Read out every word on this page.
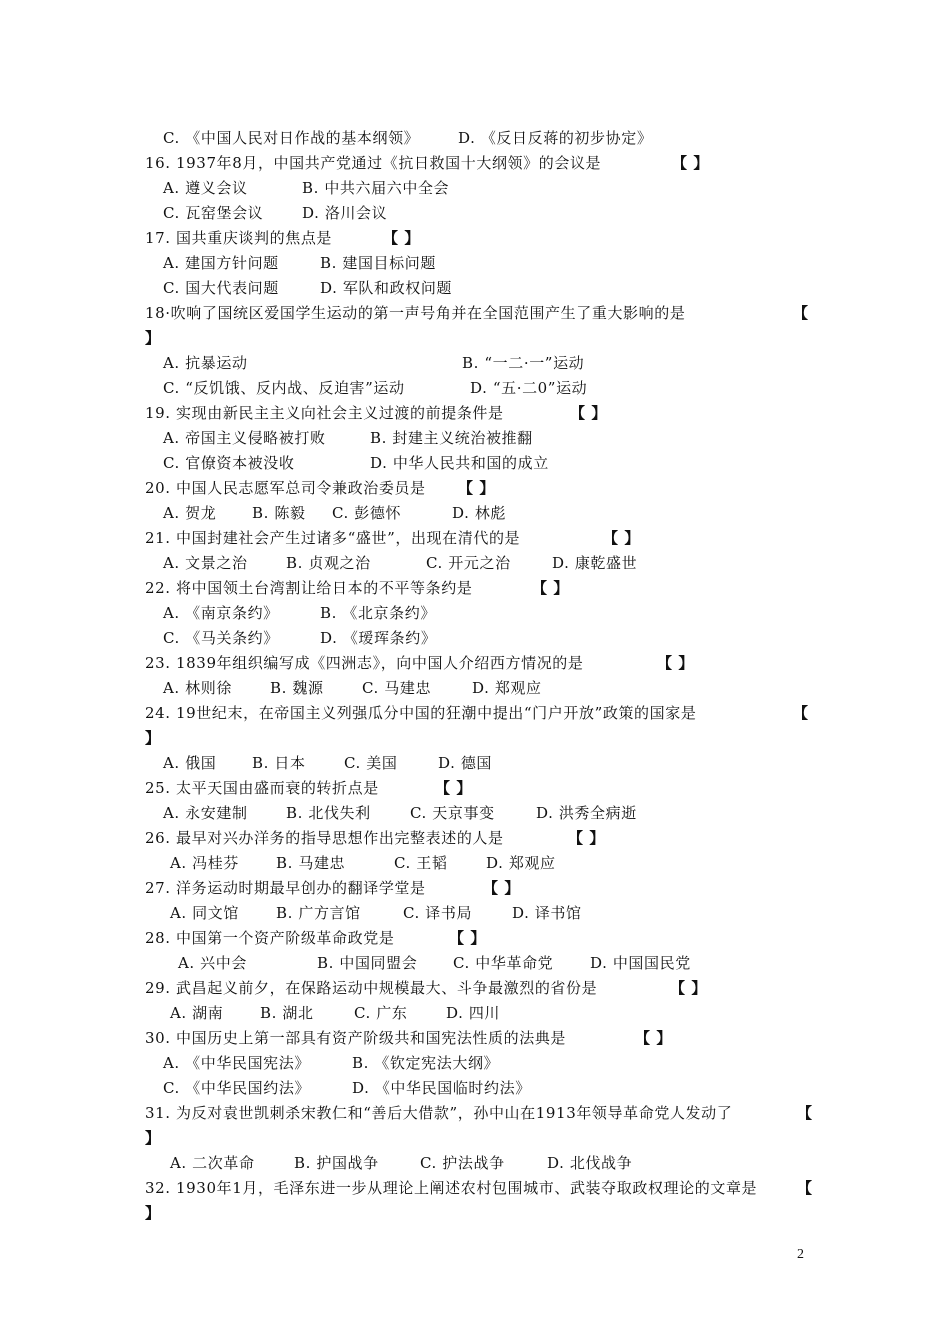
C. 《中国人民对日作战的基本纲领》	D. 《反日反蒋的初步协定》
16. 1937年8月，中国共产党通过《抗日救国十大纲领》的会议是	【 】
A. 遵义会议	B. 中共六届六中全会
C. 瓦窑堡会议	D. 洛川会议
17. 国共重庆谈判的焦点是	【 】
A. 建国方针问题	B. 建国目标问题
C. 国大代表问题	D. 军队和政权问题
18·吹响了国统区爱国学生运动的第一声号角并在全国范围产生了重大影响的是	【
】
A. 抗暴运动	B. “一二·一”运动
C. “反饥饿、反内战、反迫害”运动	D. “五·二0”运动
19. 实现由新民主主义向社会主义过渡的前提条件是	【 】
A. 帝国主义侵略被打败	B. 封建主义统治被推翻
C. 官僚资本被没收	D. 中华人民共和国的成立
20. 中国人民志愿军总司令兼政治委员是 【 】
A. 贺龙 B. 陈毅 C. 彭德怀	D. 林彪
21. 中国封建社会产生过诸多“盛世”，出现在清代的是	【 】
A. 文景之治	B. 贞观之治	C. 开元之治	D. 康乾盛世
22. 将中国领土台湾割让给日本的不平等条约是	【 】
A. 《南京条约》	B. 《北京条约》
C. 《马关条约》	D. 《瑷珲条约》
23. 1839年组织编写成《四洲志》，向中国人介绍西方情况的是	【 】
A. 林则徐	B. 魏源	C. 马建忠	D. 郑观应
24. 19世纪末，在帝国主义列强瓜分中国的狂潮中提出“门户开放”政策的国家是	【
】
A. 俄国 B. 日本	C. 美国	D. 德国
25. 太平天国由盛而衰的转折点是	【 】
A. 永安建制	B. 北伐失利	C. 天京事变	D. 洪秀全病逝
26. 最早对兴办洋务的指导思想作出完整表述的人是	【 】
A. 冯桂芬 B. 马建忠	C. 王韬	D. 郑观应
27. 洋务运动时期最早创办的翻译学堂是	【 】
A. 同文馆 B. 广方言馆	C. 译书局	D. 译书馆
28. 中国第一个资产阶级革命政党是	【 】
A. 兴中会	B. 中国同盟会 C. 中华革命党 D. 中国国民党
29. 武昌起义前夕，在保路运动中规模最大、斗争最激烈的省份是	【 】
A. 湖南 B. 湖北	C. 广东	D. 四川
30. 中国历史上第一部具有资产阶级共和国宪法性质的法典是	【 】
A. 《中华民国宪法》	B. 《钦定宪法大纲》
C. 《中华民国约法》	D. 《中华民国临时约法》
31. 为反对袁世凯刺杀宋教仁和“善后大借款”，孙中山在1913年领导革命党人发动了	【
】
A. 二次革命	B. 护国战争	C. 护法战争	D. 北伐战争
32. 1930年1月，毛泽东进一步从理论上阐述农村包围城市、武装夺取政权理论的文章是	【
】
2
